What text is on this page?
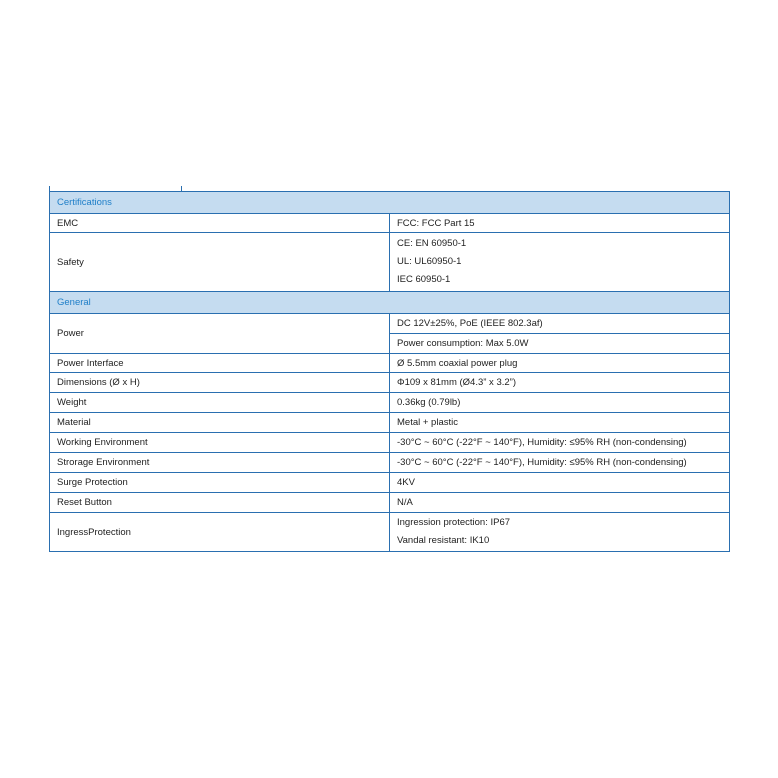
Certifications	
EMC	FCC: FCC Part 15
Safety	CE: EN 60950-1
UL: UL60950-1
IEC 60950-1

General	
Power	DC 12V±25%, PoE (IEEE 802.3af)
	Power consumption: Max 5.0W
Power Interface	Ø 5.5mm coaxial power plug
Dimensions (Ø x H)	Φ109 x 81mm (Ø4.3” x 3.2”)
Weight	0.36kg (0.79lb)
Material	Metal + plastic
Working Environment	-30°C ~ 60°C (-22°F ~ 140°F), Humidity: ≤95% RH (non-condensing)
Strorage Environment	-30°C ~ 60°C (-22°F ~ 140°F), Humidity: ≤95% RH (non-condensing)
Surge Protection	4KV
Reset Button	N/A
IngressProtection	Ingression protection: IP67
Vandal resistant: IK10
